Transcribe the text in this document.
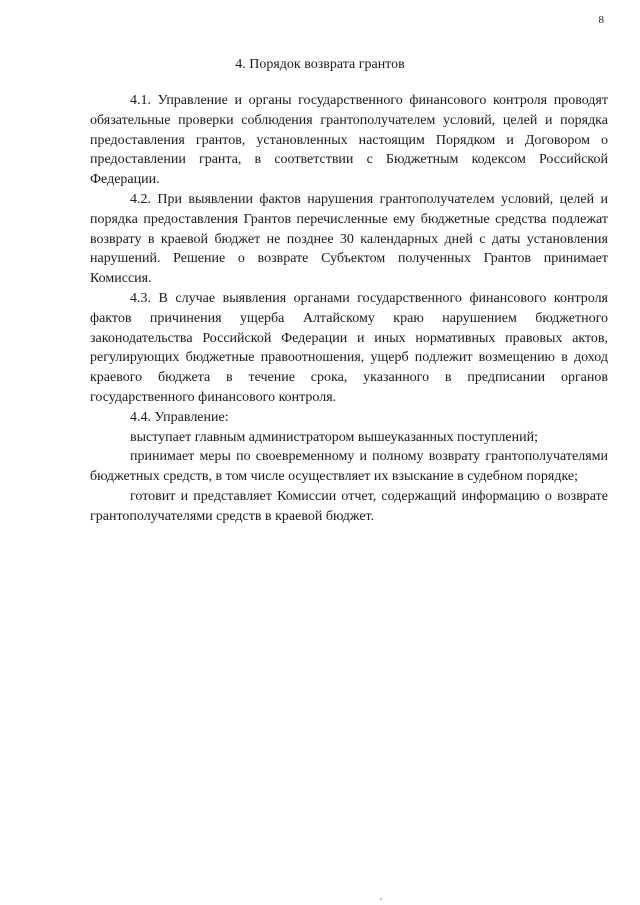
8
4. Порядок возврата грантов

4.1. Управление и органы государственного финансового контроля проводят обязательные проверки соблюдения грантополучателем условий, целей и порядка предоставления грантов, установленных настоящим Порядком и Договором о предоставлении гранта, в соответствии с Бюджетным кодексом Российской Федерации.

4.2. При выявлении фактов нарушения грантополучателем условий, целей и порядка предоставления Грантов перечисленные ему бюджетные средства подлежат возврату в краевой бюджет не позднее 30 календарных дней с даты установления нарушений. Решение о возврате Субъектом полученных Грантов принимает Комиссия.

4.3. В случае выявления органами государственного финансового контроля фактов причинения ущерба Алтайскому краю нарушением бюджетного законодательства Российской Федерации и иных нормативных правовых актов, регулирующих бюджетные правоотношения, ущерб подлежит возмещению в доход краевого бюджета в течение срока, указанного в предписании органов государственного финансового контроля.

4.4. Управление:

выступает главным администратором вышеуказанных поступлений;

принимает меры по своевременному и полному возврату грантополучателями бюджетных средств, в том числе осуществляет их взыскание в судебном порядке;

готовит и представляет Комиссии отчет, содержащий информацию о возврате грантополучателями средств в краевой бюджет.
